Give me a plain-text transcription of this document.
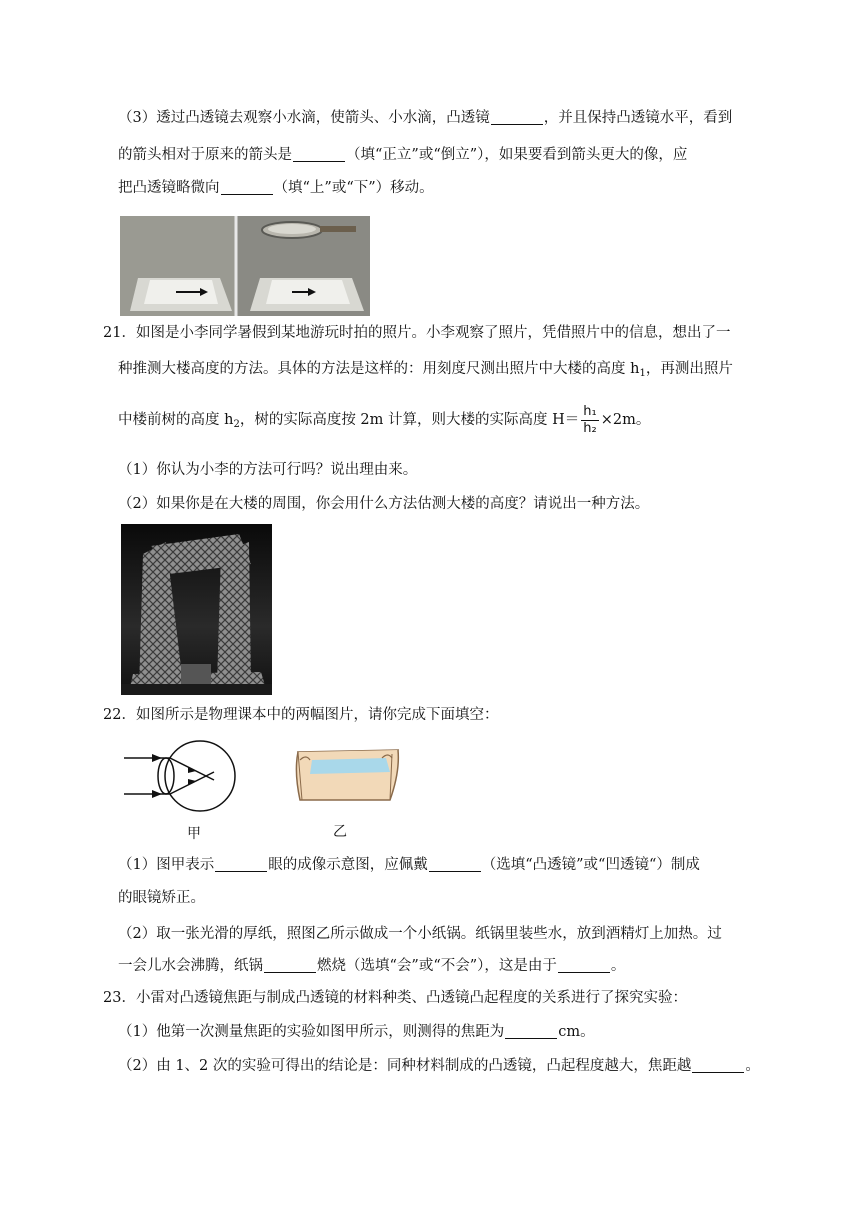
（3）透过凸透镜去观察小水滴，使箭头、小水滴，凸透镜	，并且保持凸透镜水平，看到
的箭头相对于原来的箭头是	（填“正立”或“倒立”），如果要看到箭头更大的像，应
把凸透镜略微向	（填“上”或“下”）移动。
21．如图是小李同学暑假到某地游玩时拍的照片。小李观察了照片，凭借照片中的信息，想出了一
种推测大楼高度的方法。具体的方法是这样的：用刻度尺测出照片中大楼的高度 $h_1$，再测出照片
中楼前树的高度 $h_2$，树的实际高度按 2m 计算，则大楼的实际高度 $H= \frac{\text{h₁}}{\text{h₂}} \times 2m$。
（1）你认为小李的方法可行吗？说出理由来。
（2）如果你是在大楼的周围，你会用什么方法估测大楼的高度？请说出一种方法。
22．如图所示是物理课本中的两幅图片，请你完成下面填空：
甲	乙
（1）图甲表示	眼的成像示意图，应佩戴	（选填“凸透镜”或“凹透镜“）制成
的眼镜矫正。
（2）取一张光滑的厚纸，照图乙所示做成一个小纸锅。纸锅里装些水，放到酒精灯上加热。过
一会儿水会沸腾，纸锅	燃烧（选填“会”或“不会”），这是由于	。
23．小雷对凸透镜焦距与制成凸透镜的材料种类、凸透镜凸起程度的关系进行了探究实验：
（1）他第一次测量焦距的实验如图甲所示，则测得的焦距为	cm。
（2）由 1、2 次的实验可得出的结论是：同种材料制成的凸透镜，凸起程度越大，焦距越	。
